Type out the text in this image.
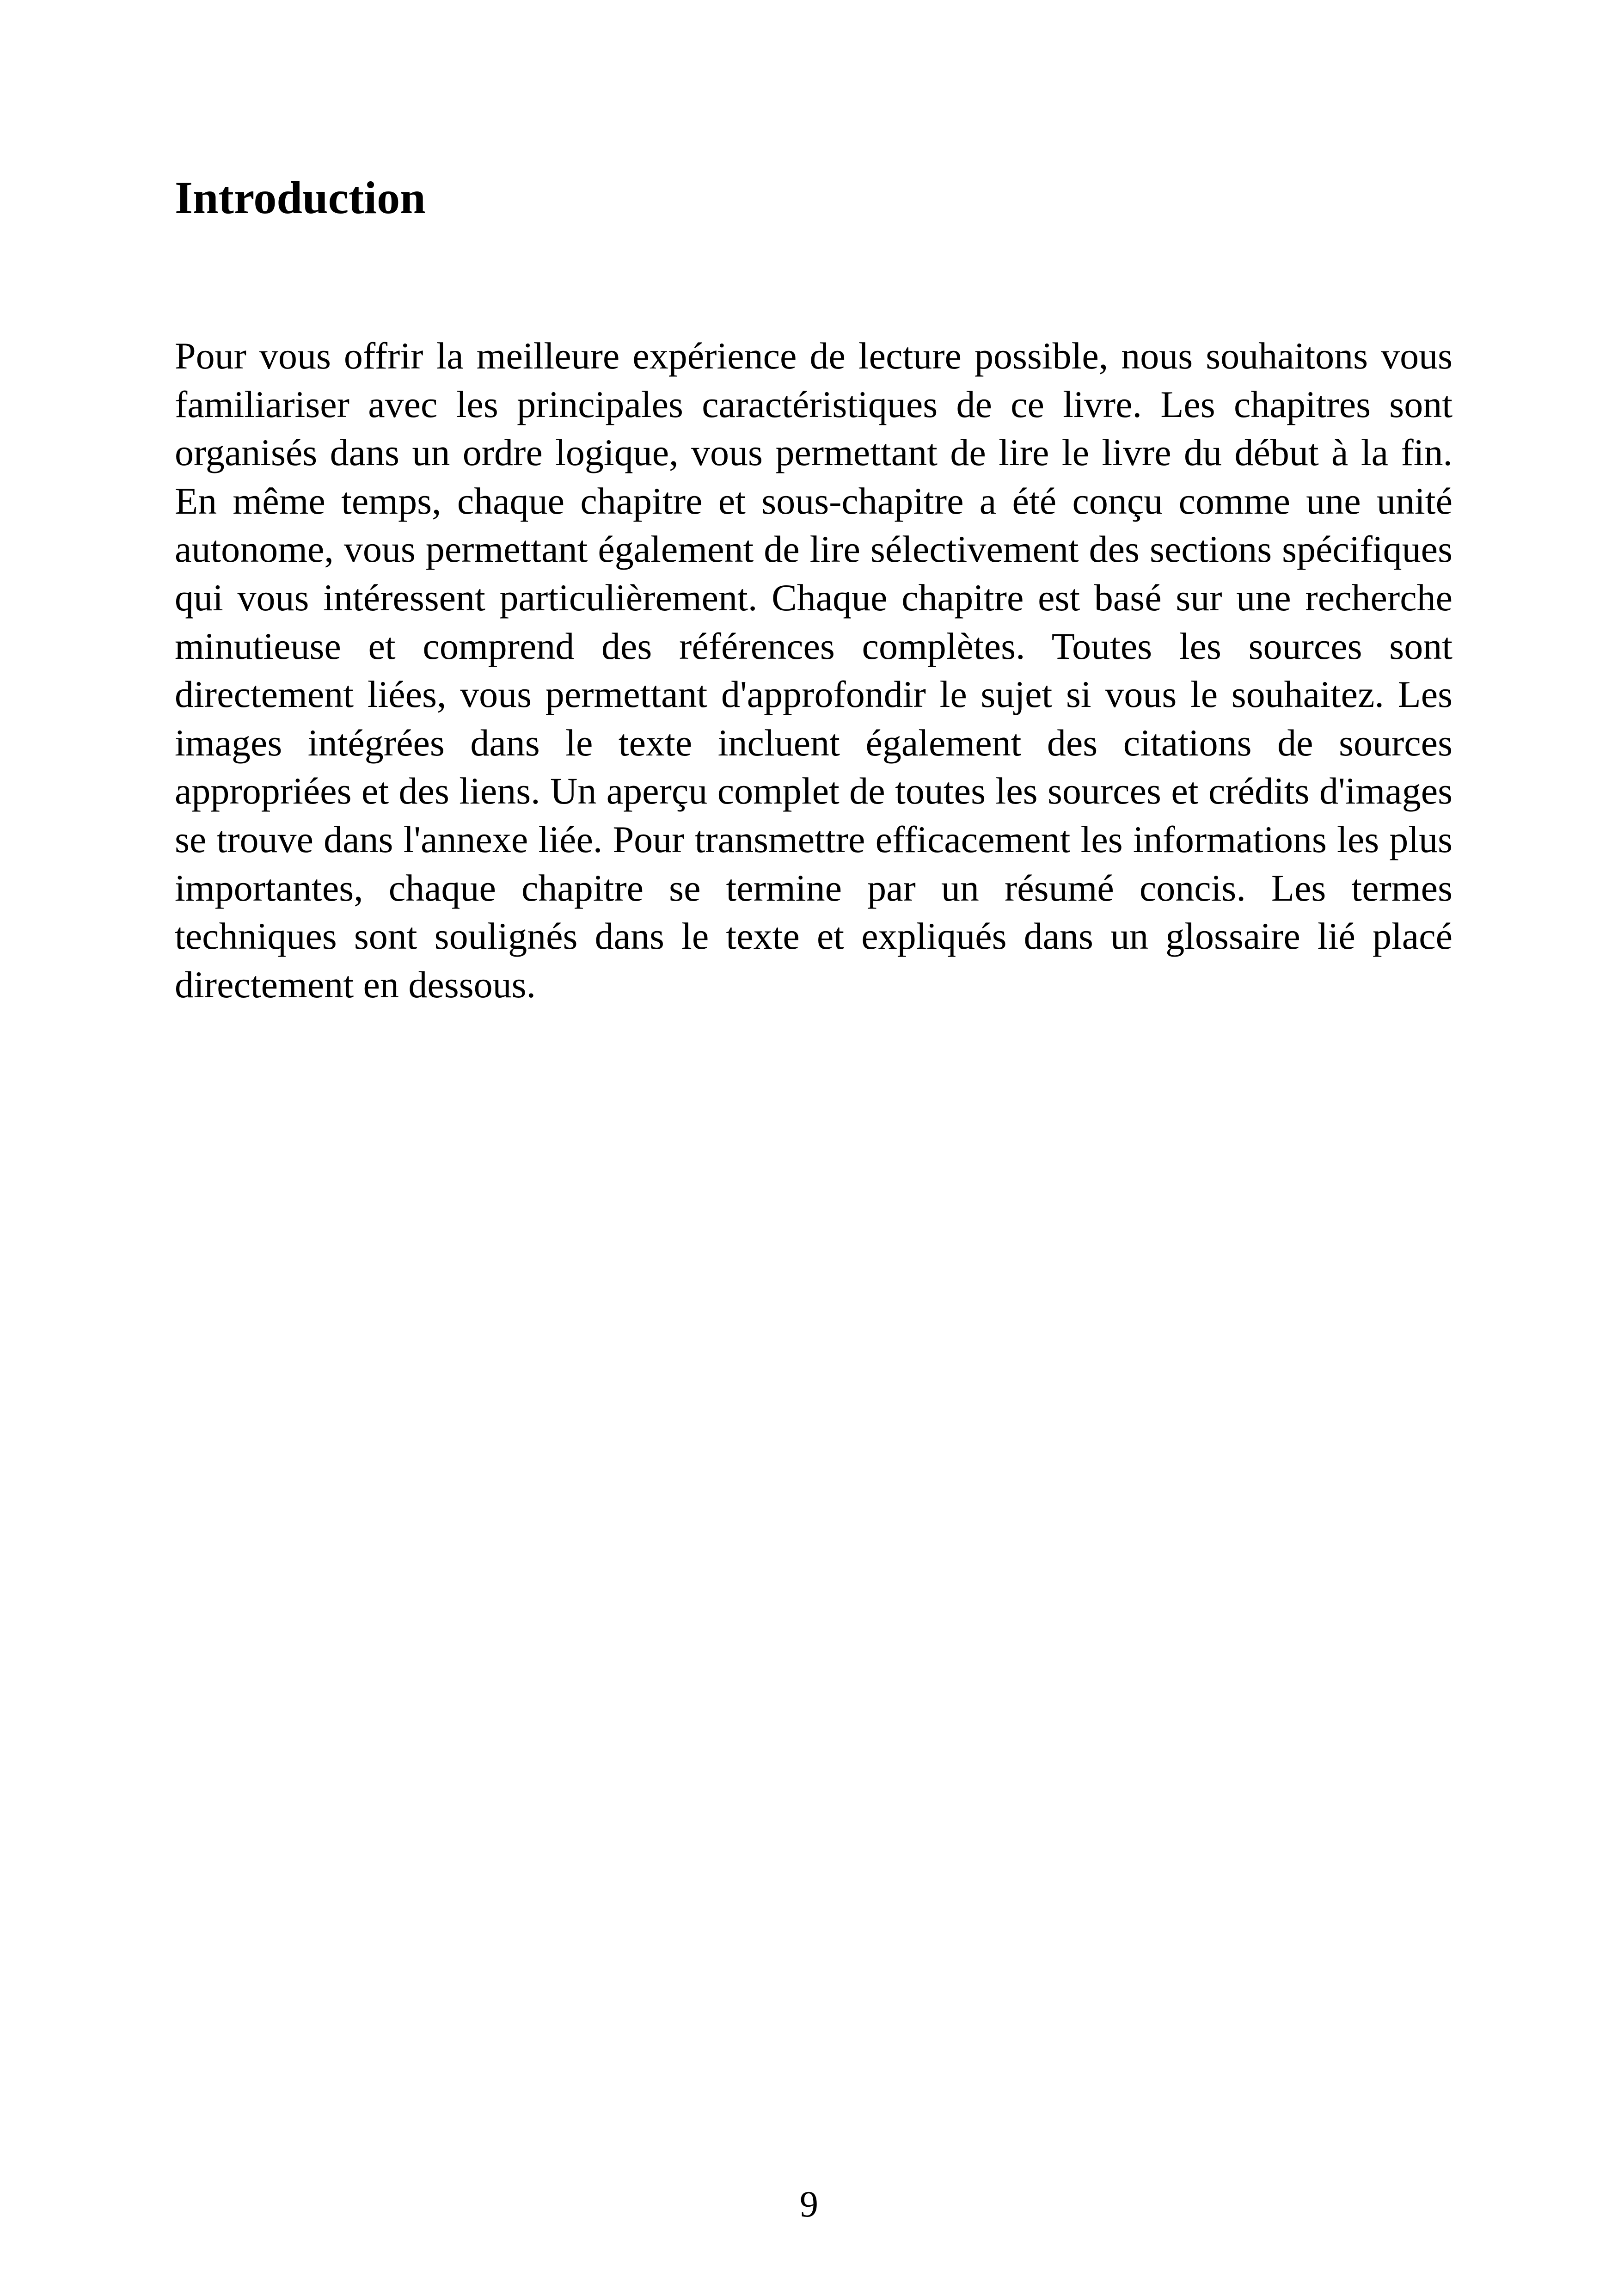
Introduction

Pour vous offrir la meilleure expérience de lecture possible, nous souhaitons vous familiariser avec les principales caractéristiques de ce livre. Les chapitres sont organisés dans un ordre logique, vous permettant de lire le livre du début à la fin. En même temps, chaque chapitre et sous-chapitre a été conçu comme une unité autonome, vous permettant également de lire sélectivement des sections spécifiques qui vous intéressent particulièrement. Chaque chapitre est basé sur une recherche minutieuse et comprend des références complètes. Toutes les sources sont directement liées, vous permettant d'approfondir le sujet si vous le souhaitez. Les images intégrées dans le texte incluent également des citations de sources appropriées et des liens. Un aperçu complet de toutes les sources et crédits d'images se trouve dans l'annexe liée. Pour transmettre efficacement les informations les plus importantes, chaque chapitre se termine par un résumé concis. Les termes techniques sont soulignés dans le texte et expliqués dans un glossaire lié placé directement en dessous.

9
